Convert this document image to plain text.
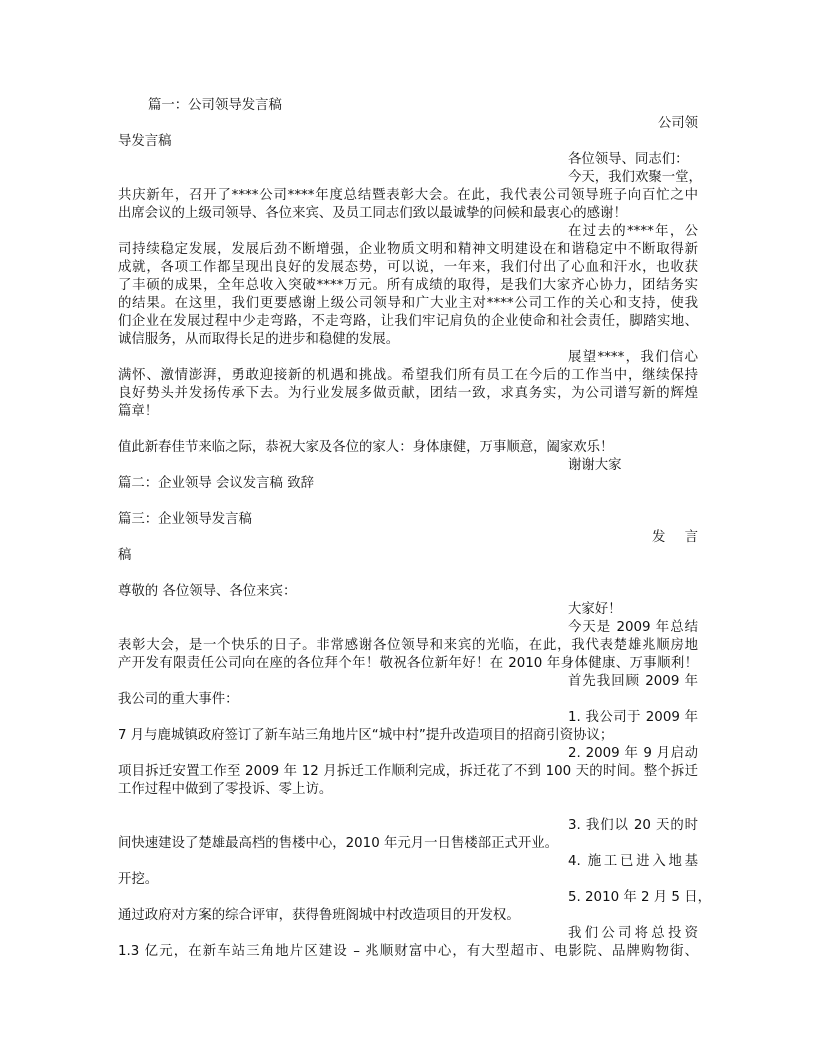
篇一：公司领导发言稿
公司领
导发言稿
各位领导、同志们：
今天，我们欢聚一堂，
共庆新年，召开了****公司****年度总结暨表彰大会。在此，我代表公司领导班子向百忙之中
出席会议的上级司领导、各位来宾、及员工同志们致以最诚挚的问候和最衷心的感谢！
在过去的****年，公
司持续稳定发展，发展后劲不断增强，企业物质文明和精神文明建设在和谐稳定中不断取得新
成就，各项工作都呈现出良好的发展态势，可以说，一年来，我们付出了心血和汗水，也收获
了丰硕的成果，全年总收入突破****万元。所有成绩的取得，是我们大家齐心协力，团结务实
的结果。在这里，我们更要感谢上级公司领导和广大业主对****公司工作的关心和支持，使我
们企业在发展过程中少走弯路，不走弯路，让我们牢记肩负的企业使命和社会责任，脚踏实地、
诚信服务，从而取得长足的进步和稳健的发展。
展望****，我们信心
满怀、激情澎湃，勇敢迎接新的机遇和挑战。希望我们所有员工在今后的工作当中，继续保持
良好势头并发扬传承下去。为行业发展多做贡献，团结一致，求真务实，为公司谱写新的辉煌
篇章！
值此新春佳节来临之际，恭祝大家及各位的家人：身体康健，万事顺意，阖家欢乐！
谢谢大家
篇二：企业领导 会议发言稿 致辞
篇三：企业领导发言稿
发言
稿
尊敬的 各位领导、各位来宾：
大家好！
今天是 2009 年总结
表彰大会，是一个快乐的日子。非常感谢各位领导和来宾的光临，在此，我代表楚雄兆顺房地
产开发有限责任公司向在座的各位拜个年！敬祝各位新年好！在 2010 年身体健康、万事顺利！
首先我回顾 2009 年
我公司的重大事件：
1. 我公司于 2009 年
7 月与鹿城镇政府签订了新车站三角地片区“城中村”提升改造项目的招商引资协议；
2. 2009 年 9 月启动
项目拆迁安置工作至 2009 年 12 月拆迁工作顺利完成，拆迁花了不到 100 天的时间。整个拆迁
工作过程中做到了零投诉、零上访。
3. 我们以 20 天的时
间快速建设了楚雄最高档的售楼中心，2010 年元月一日售楼部正式开业。
4. 施工已进入地基
开挖。
5. 2010 年 2 月 5 日，
通过政府对方案的综合评审，获得鲁班阁城中村改造项目的开发权。
我们公司将总投资
1.3 亿元，在新车站三角地片区建设 – 兆顺财富中心，有大型超市、电影院、品牌购物街、
